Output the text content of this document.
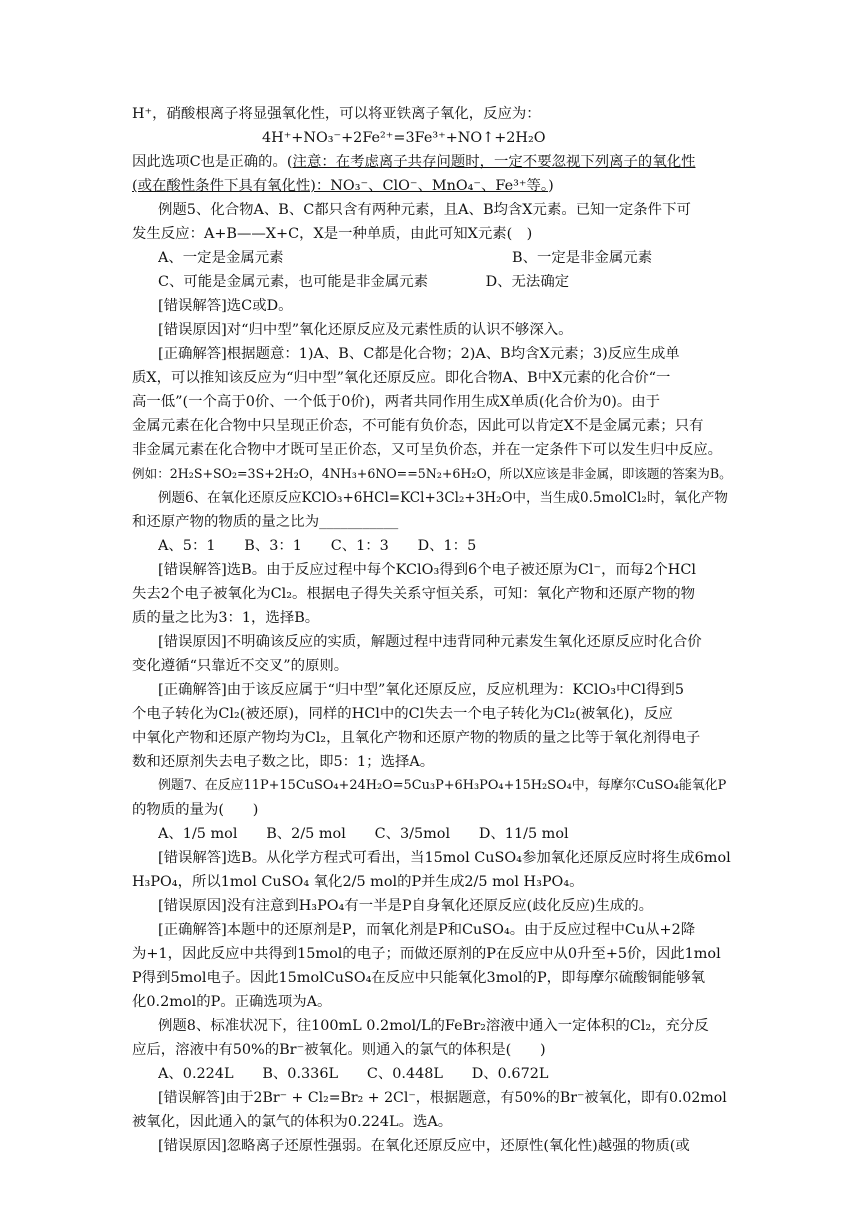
H⁺，硝酸根离子将显强氧化性，可以将亚铁离子氧化，反应为：
4H⁺+NO₃⁻+2Fe²⁺=3Fe³⁺+NO↑+2H₂O
因此选项C也是正确的。(注意：在考虑离子共存问题时，一定不要忽视下列离子的氧化性
(或在酸性条件下具有氧化性)：NO₃⁻、ClO⁻、MnO₄⁻、Fe³⁺等。)
例题5、化合物A、B、C都只含有两种元素，且A、B均含X元素。已知一定条件下可
发生反应：A+B——X+C，X是一种单质，由此可知X元素(　)
A、一定是金属元素	B、一定是非金属元素
C、可能是金属元素，也可能是非金属元素　　　　D、无法确定
[错误解答]选C或D。
[错误原因]对“归中型”氧化还原反应及元素性质的认识不够深入。
[正确解答]根据题意：1)A、B、C都是化合物；2)A、B均含X元素；3)反应生成单
质X，可以推知该反应为“归中型”氧化还原反应。即化合物A、B中X元素的化合价“一
高一低”(一个高于0价、一个低于0价)，两者共同作用生成X单质(化合价为0)。由于
金属元素在化合物中只呈现正价态，不可能有负价态，因此可以肯定X不是金属元素；只有
非金属元素在化合物中才既可呈正价态，又可呈负价态，并在一定条件下可以发生归中反应。
例如：2H₂S+SO₂=3S+2H₂O，4NH₃+6NO==5N₂+6H₂O，所以X应该是非金属，即该题的答案为B。
例题6、在氧化还原反应KClO₃+6HCl=KCl+3Cl₂+3H₂O中，当生成0.5molCl₂时，氧化产物
和还原产物的物质的量之比为___________
A、5：1　　B、3：1　　C、1：3　　D、1：5
[错误解答]选B。由于反应过程中每个KClO₃得到6个电子被还原为Cl⁻，而每2个HCl
失去2个电子被氧化为Cl₂。根据电子得失关系守恒关系，可知：氧化产物和还原产物的物
质的量之比为3：1，选择B。
[错误原因]不明确该反应的实质，解题过程中违背同种元素发生氧化还原反应时化合价
变化遵循“只靠近不交叉”的原则。
[正确解答]由于该反应属于“归中型”氧化还原反应，反应机理为：KClO₃中Cl得到5
个电子转化为Cl₂(被还原)，同样的HCl中的Cl失去一个电子转化为Cl₂(被氧化)，反应
中氧化产物和还原产物均为Cl₂，且氧化产物和还原产物的物质的量之比等于氧化剂得电子
数和还原剂失去电子数之比，即5：1；选择A。
例题7、在反应11P+15CuSO₄+24H₂O=5Cu₃P+6H₃PO₄+15H₂SO₄中，每摩尔CuSO₄能氧化P
的物质的量为(　　)
A、1/5 mol　　B、2/5 mol　　C、3/5mol　　D、11/5 mol
[错误解答]选B。从化学方程式可看出，当15mol CuSO₄参加氧化还原反应时将生成6mol
H₃PO₄，所以1mol CuSO₄ 氧化2/5 mol的P并生成2/5 mol H₃PO₄。
[错误原因]没有注意到H₃PO₄有一半是P自身氧化还原反应(歧化反应)生成的。
[正确解答]本题中的还原剂是P，而氧化剂是P和CuSO₄。由于反应过程中Cu从+2降
为+1，因此反应中共得到15mol的电子；而做还原剂的P在反应中从0升至+5价，因此1mol
P得到5mol电子。因此15molCuSO₄在反应中只能氧化3mol的P，即每摩尔硫酸铜能够氧
化0.2mol的P。正确选项为A。
例题8、标准状况下，往100mL 0.2mol/L的FeBr₂溶液中通入一定体积的Cl₂，充分反
应后，溶液中有50%的Br⁻被氧化。则通入的氯气的体积是(　　)
A、0.224L　　B、0.336L　　C、0.448L　　D、0.672L
[错误解答]由于2Br⁻ + Cl₂=Br₂ + 2Cl⁻，根据题意，有50%的Br⁻被氧化，即有0.02mol
被氧化，因此通入的氯气的体积为0.224L。选A。
[错误原因]忽略离子还原性强弱。在氧化还原反应中，还原性(氧化性)越强的物质(或
